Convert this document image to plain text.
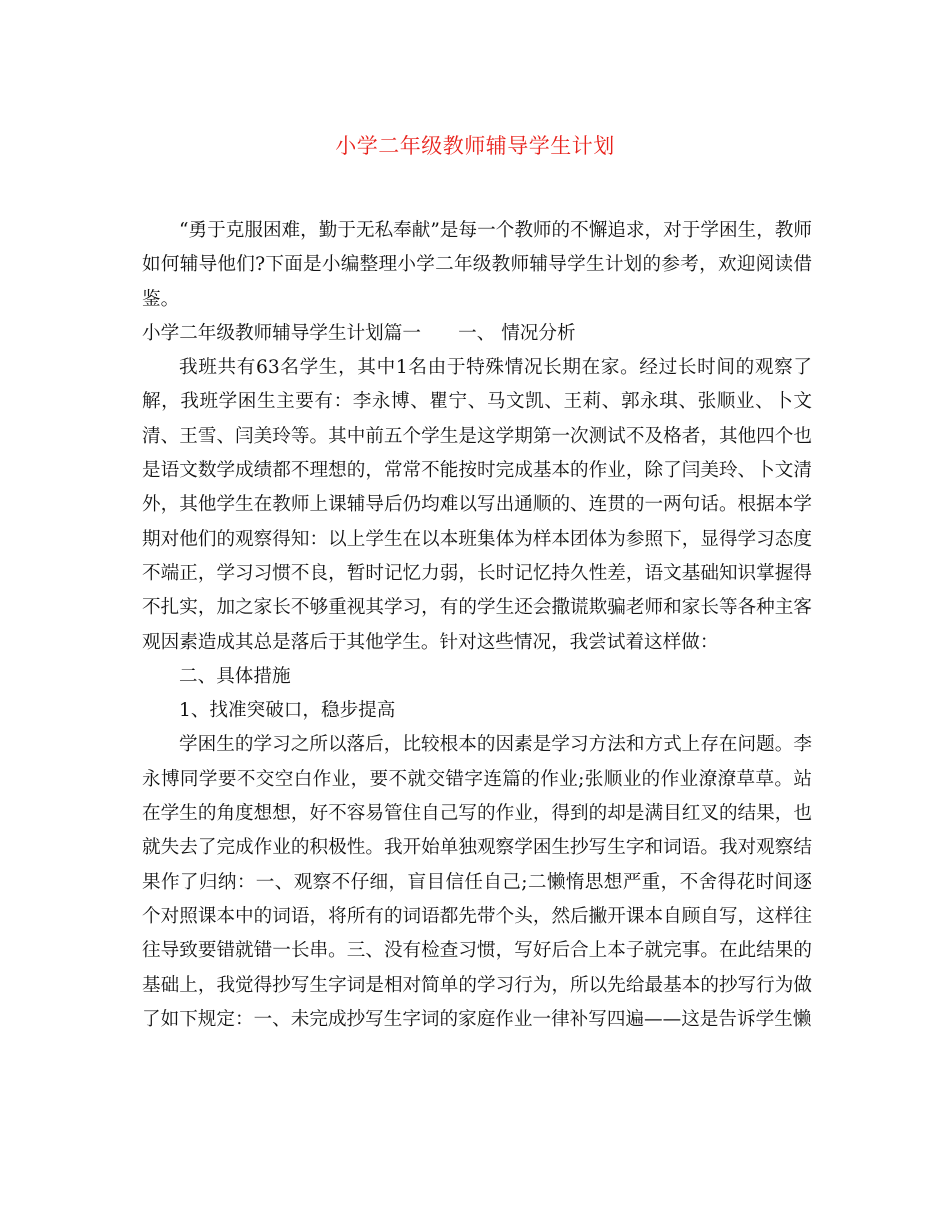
小学二年级教师辅导学生计划

“勇于克服困难，勤于无私奉献”是每一个教师的不懈追求，对于学困生，教师如何辅导他们?下面是小编整理小学二年级教师辅导学生计划的参考，欢迎阅读借鉴。

小学二年级教师辅导学生计划篇一　　一、 情况分析

我班共有63名学生，其中1名由于特殊情况长期在家。经过长时间的观察了解，我班学困生主要有：李永博、瞿宁、马文凯、王莉、郭永琪、张顺业、卜文清、王雪、闫美玲等。其中前五个学生是这学期第一次测试不及格者，其他四个也是语文数学成绩都不理想的，常常不能按时完成基本的作业，除了闫美玲、卜文清外，其他学生在教师上课辅导后仍均难以写出通顺的、连贯的一两句话。根据本学期对他们的观察得知：以上学生在以本班集体为样本团体为参照下，显得学习态度不端正，学习习惯不良，暂时记忆力弱，长时记忆持久性差，语文基础知识掌握得不扎实，加之家长不够重视其学习，有的学生还会撒谎欺骗老师和家长等各种主客观因素造成其总是落后于其他学生。针对这些情况，我尝试着这样做：

二、具体措施

1、找准突破口，稳步提高

学困生的学习之所以落后，比较根本的因素是学习方法和方式上存在问题。李永博同学要不交空白作业，要不就交错字连篇的作业;张顺业的作业潦潦草草。站在学生的角度想想，好不容易管住自己写的作业，得到的却是满目红叉的结果，也就失去了完成作业的积极性。我开始单独观察学困生抄写生字和词语。我对观察结果作了归纳：一、观察不仔细，盲目信任自己;二懒惰思想严重，不舍得花时间逐个对照课本中的词语，将所有的词语都先带个头，然后撇开课本自顾自写，这样往往导致要错就错一长串。三、没有检查习惯，写好后合上本子就完事。在此结果的基础上，我觉得抄写生字词是相对简单的学习行为，所以先给最基本的抄写行为做了如下规定：一、未完成抄写生字词的家庭作业一律补写四遍——这是告诉学生懒
